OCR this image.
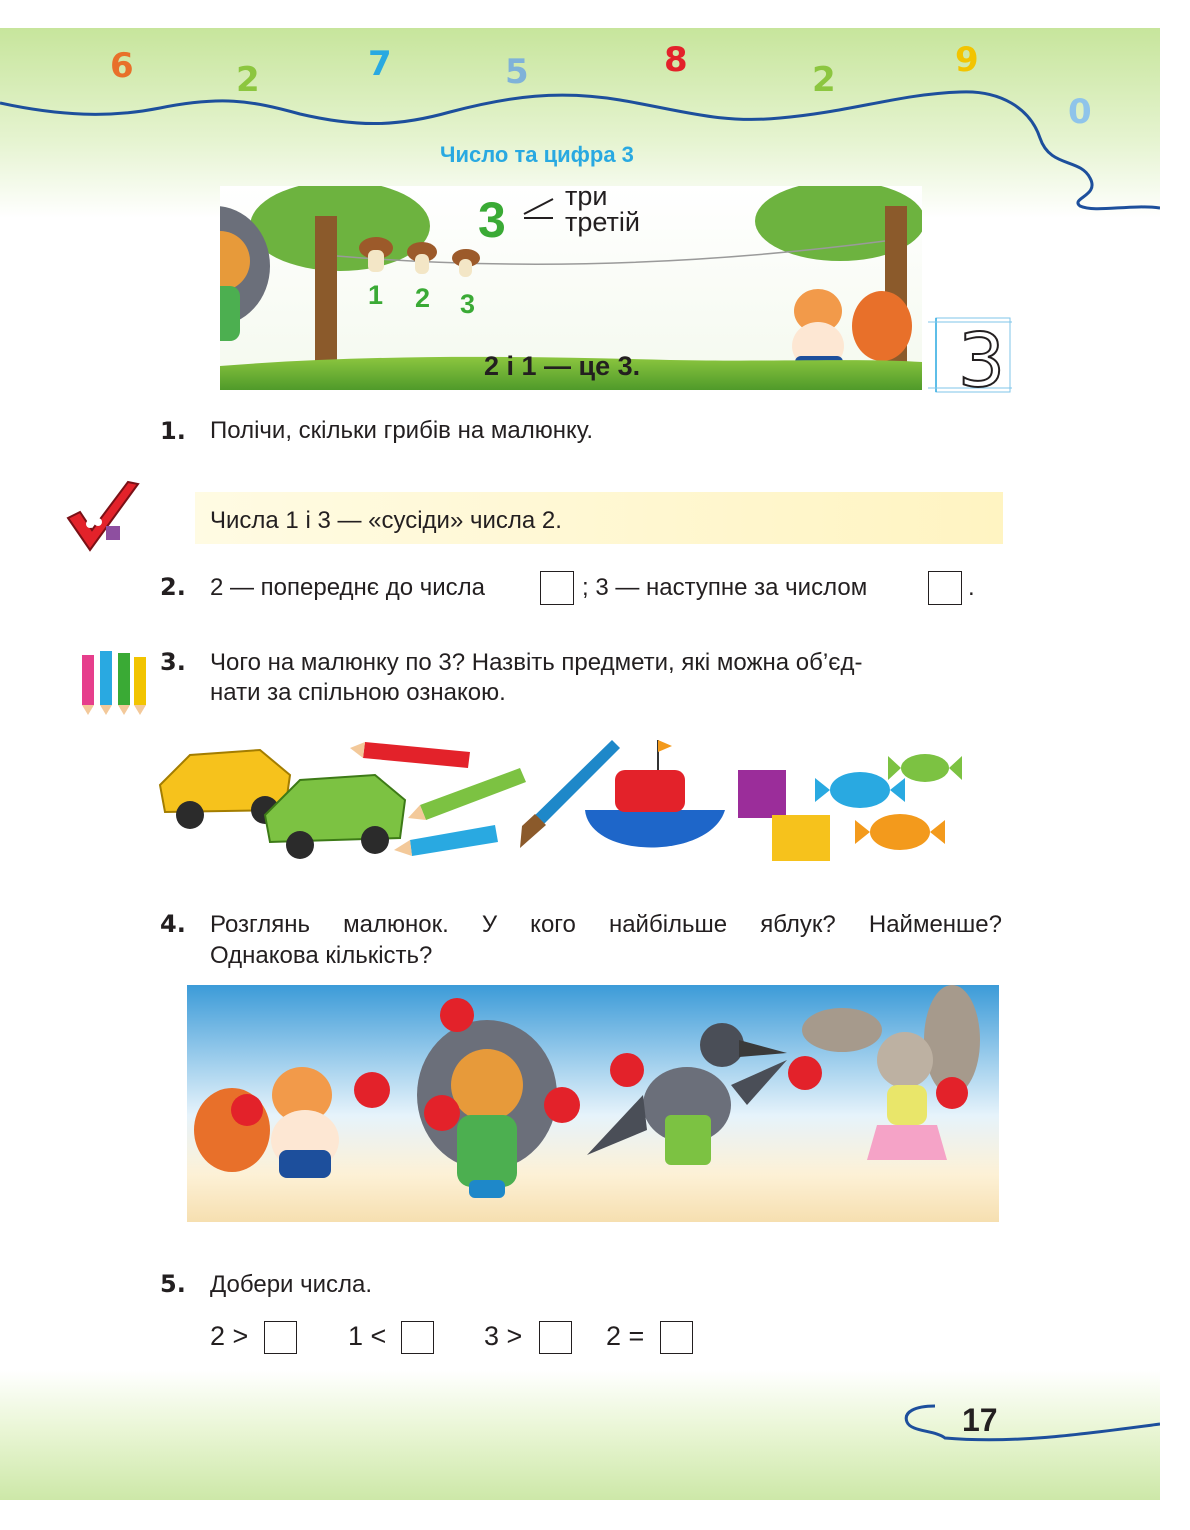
6	2	7	5	8	2	9
0
Число та цифра 3
3 три
третій
1 2 3
2 і 1 — це 3.	3
1. Полічи, скільки грибів на малюнку.
Числа 1 і 3 — «сусіди» числа 2.
2. 2 — попереднє до числа	; 3 — наступне за числом	.
3. Чого на малюнку по 3? Назвіть предмети, які можна об’єд-
нати за спільною ознакою.
4. Розглянь малюнок. У кого найбільше яблук? Найменше?
Однакова кількість?
5. Добери числа.
2 >	1 <	3 >	2 =
17
